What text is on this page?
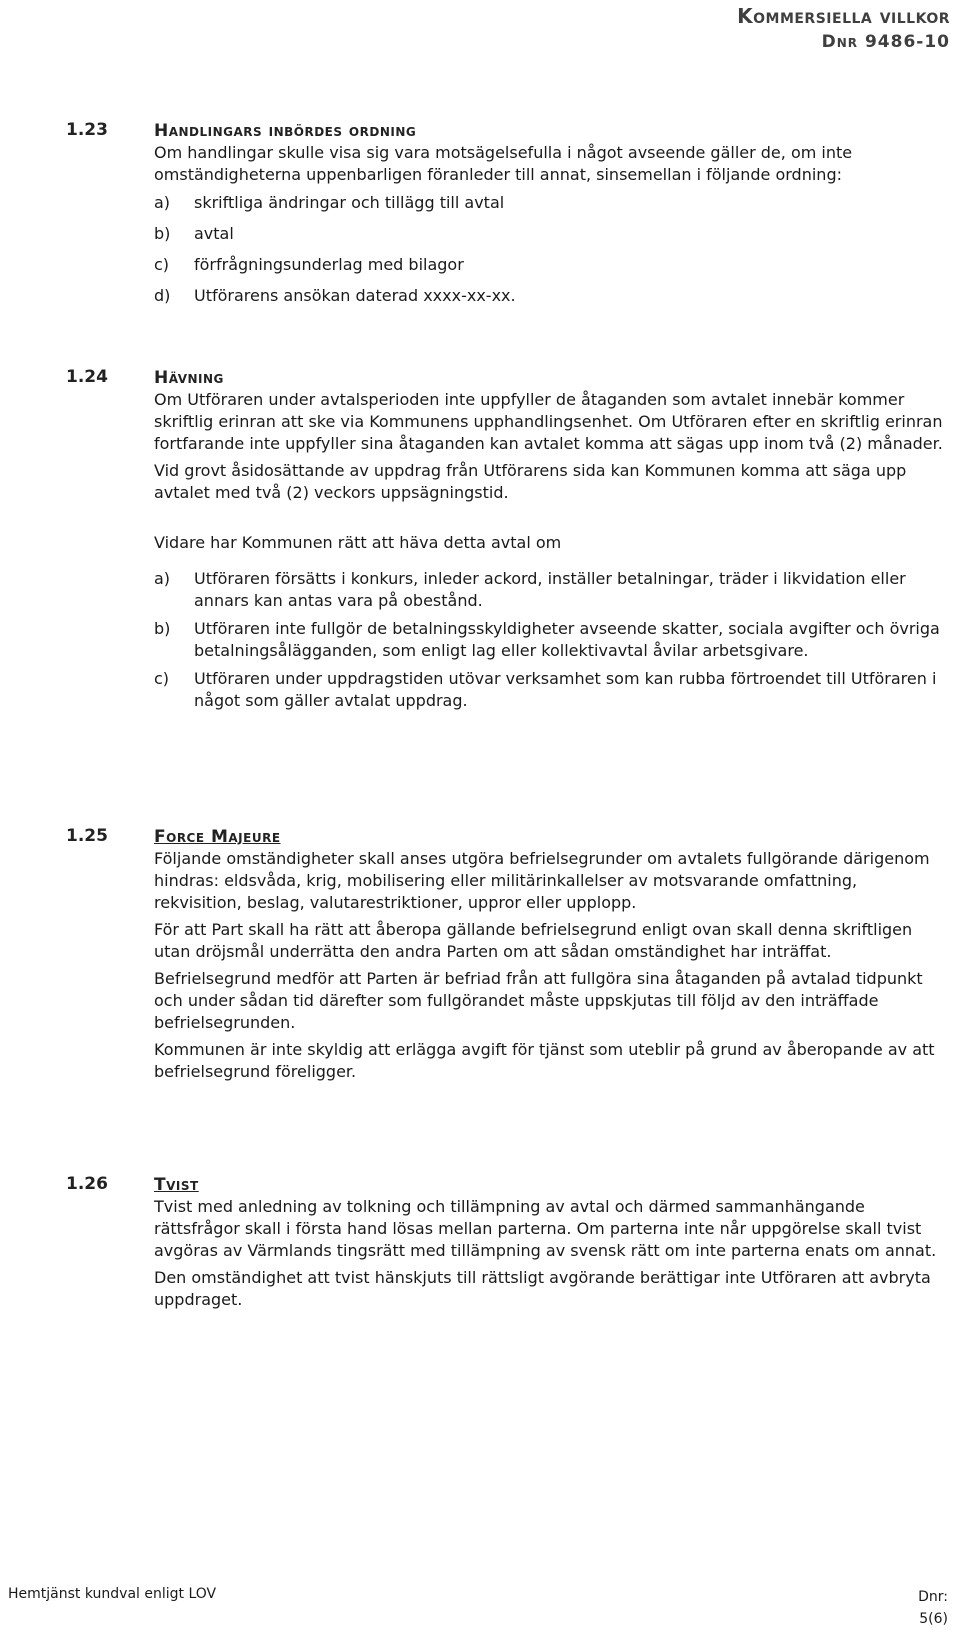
Kommersiella villkor
Dnr 9486-10
1.23	Handlingars inbördes ordning

Om handlingar skulle visa sig vara motsägelsefulla i något avseende gäller de, om inte omständigheterna uppenbarligen föranleder till annat, sinsemellan i följande ordning:

a)	skriftliga ändringar och tillägg till avtal
b)	avtal
c)	förfrågningsunderlag med bilagor
d)	Utförarens ansökan daterad xxxx-xx-xx.
1.24	Hävning

Om Utföraren under avtalsperioden inte uppfyller de åtaganden som avtalet innebär kommer skriftlig erinran att ske via Kommunens upphandlingsenhet. Om Utföraren efter en skriftlig erinran fortfarande inte uppfyller sina åtaganden kan avtalet komma att sägas upp inom två (2) månader.

Vid grovt åsidosättande av uppdrag från Utförarens sida kan Kommunen komma att säga upp avtalet med två (2) veckors uppsägningstid.

Vidare har Kommunen rätt att häva detta avtal om

a)	Utföraren försätts i konkurs, inleder ackord, inställer betalningar, träder i likvidation eller annars kan antas vara på obestånd.
b)	Utföraren inte fullgör de betalningsskyldigheter avseende skatter, sociala avgifter och övriga betalningsålägganden, som enligt lag eller kollektivavtal åvilar arbetsgivare.
c)	Utföraren under uppdragstiden utövar verksamhet som kan rubba förtroendet till Utföraren i något som gäller avtalat uppdrag.
1.25	Force Majeure

Följande omständigheter skall anses utgöra befrielsegrunder om avtalets fullgörande därigenom hindras: eldsvåda, krig, mobilisering eller militärinkallelser av motsvarande omfattning, rekvisition, beslag, valutarestriktioner, uppror eller upplopp.

För att Part skall ha rätt att åberopa gällande befrielsegrund enligt ovan skall denna skriftligen utan dröjsmål underrätta den andra Parten om att sådan omständighet har inträffat.

Befrielsegrund medför att Parten är befriad från att fullgöra sina åtaganden på avtalad tidpunkt och under sådan tid därefter som fullgörandet måste uppskjutas till följd av den inträffade befrielsegrunden.

Kommunen är inte skyldig att erlägga avgift för tjänst som uteblir på grund av åberopande av att befrielsegrund föreligger.

1.26	Tvist

Tvist med anledning av tolkning och tillämpning av avtal och därmed sammanhängande rättsfrågor skall i första hand lösas mellan parterna. Om parterna inte når uppgörelse skall tvist avgöras av Värmlands tingsrätt med tillämpning av svensk rätt om inte parterna enats om annat.

Den omständighet att tvist hänskjuts till rättsligt avgörande berättigar inte Utföraren att avbryta uppdraget.

Hemtjänst kundval enligt LOV	Dnr:
5(6)
